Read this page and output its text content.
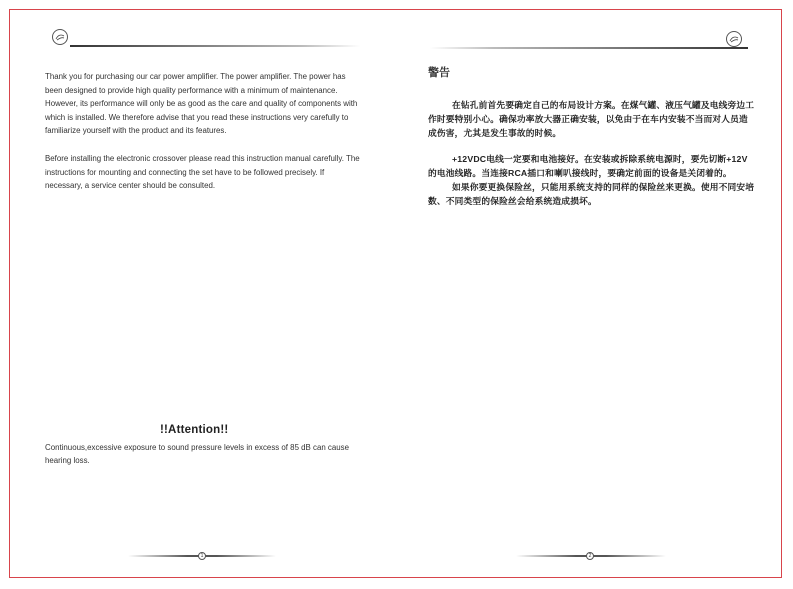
Thank you for purchasing our car power amplifier. The power amplifier. The power has been designed to provide high quality performance with a minimum of maintenance. However, its performance will only be as good as the care and quality of components with which is installed. We therefore advise that you read these instructions very carefully to familiarize yourself with the product and its features.

Before installing the electronic crossover please read this instruction manual carefully. The instructions for mounting and connecting the set have to be followed precisely. If necessary, a service center should be consulted.

!!Attention!!
Continuous,excessive exposure to sound pressure levels in excess of 85 dB can cause hearing loss.
警告

在钻孔前首先要确定自己的布局设计方案。在煤气罐、液压气罐及电线旁边工作时要特别小心。确保功率放大器正确安装，以免由于在车内安装不当而对人员造成伤害，尤其是发生事故的时候。

+12VDC电线一定要和电池接好。在安装或拆除系统电源时，要先切断+12V的电池线路。当连接RCA插口和喇叭接线时，要确定前面的设备是关闭着的。

如果你要更换保险丝，只能用系统支持的同样的保险丝来更换。使用不同安培数、不同类型的保险丝会给系统造成损坏。

1	2
